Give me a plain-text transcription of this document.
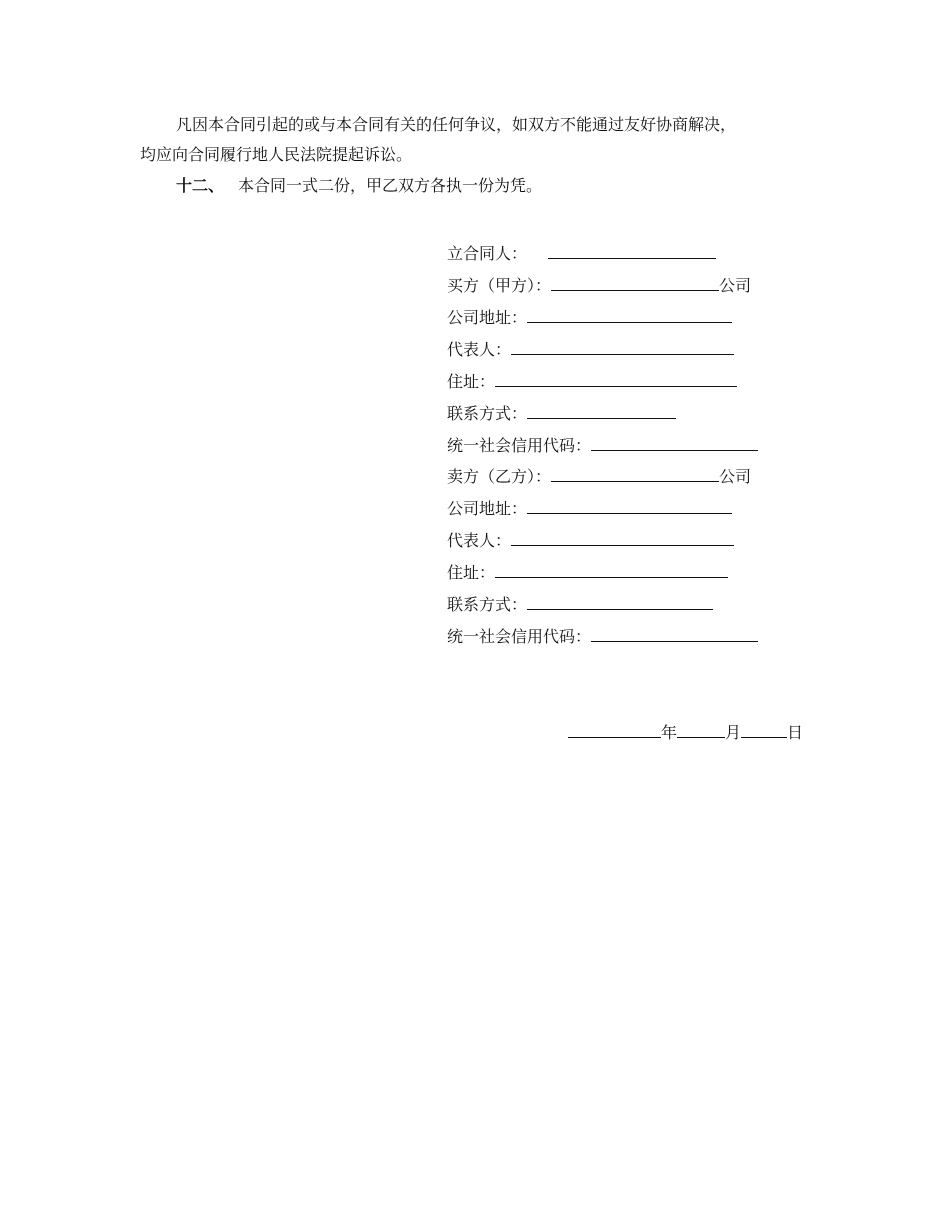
凡因本合同引起的或与本合同有关的任何争议，如双方不能通过友好协商解决，
均应向合同履行地人民法院提起诉讼。
十二、 本合同一式二份，甲乙双方各执一份为凭。
立合同人：
买方（甲方）：	公司
公司地址：
代表人：
住址：
联系方式：
统一社会信用代码：
卖方（乙方）：	公司
公司地址：
代表人：
住址：
联系方式：
统一社会信用代码：
年	月	日
